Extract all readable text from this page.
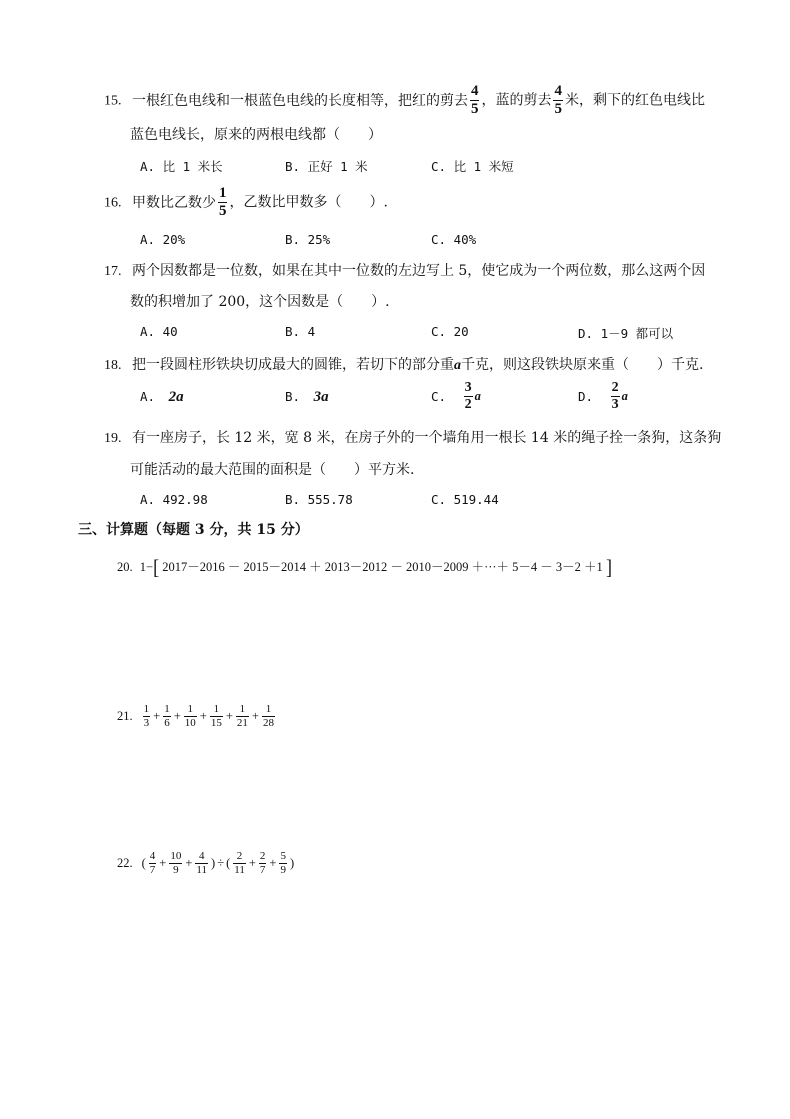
15. 一根红色电线和一根蓝色电线的长度相等，把红的剪去 $\frac{4}{5}$ ，蓝的剪去 $\frac{4}{5}$ 米，剩下的红色电线比
蓝色电线长，原来的两根电线都（　　）
A. 比 1 米长	B. 正好 1 米	C. 比 1 米短
16. 甲数比乙数少 $\frac{1}{5}$ ，乙数比甲数多（　　）.
A. 20%	B. 25%	C. 40%
17. 两个因数都是一位数，如果在其中一位数的左边写上 5，使它成为一个两位数，那么这两个因
数的积增加了 200，这个因数是（　　）.
A. 40	B. 4	C. 20	D. 1－9 都可以
18. 把一段圆柱形铁块切成最大的圆锥，若切下的部分重a千克，则这段铁块原来重（　　）千克.
A. 2a	B. 3a	C. $\frac{3}{2}$ a	D. $\frac{2}{3}$ a
19. 有一座房子，长 12 米，宽 8 米，在房子外的一个墙角用一根长 14 米的绳子拴一条狗，这条狗
可能活动的最大范围的面积是（　　）平方米.
A. 492.98	B. 555.78	C. 519.44
三、计算题（每题 3 分，共 15 分）
20. 1−[ 2017－2016 － 2015－2014 ＋ 2013－2012 － 2010－2009 ＋···＋ 5－4 － 3－2 ＋1 ]
21. $\frac{1}{3} + \frac{1}{6} + \frac{1}{10} + \frac{1}{15} + \frac{1}{21} + \frac{1}{28}$
22. ( $\frac{4}{7} + \frac{10}{9} + \frac{4}{11}$ ) ÷ ( $\frac{2}{11} + \frac{2}{7} + \frac{5}{9}$ )
